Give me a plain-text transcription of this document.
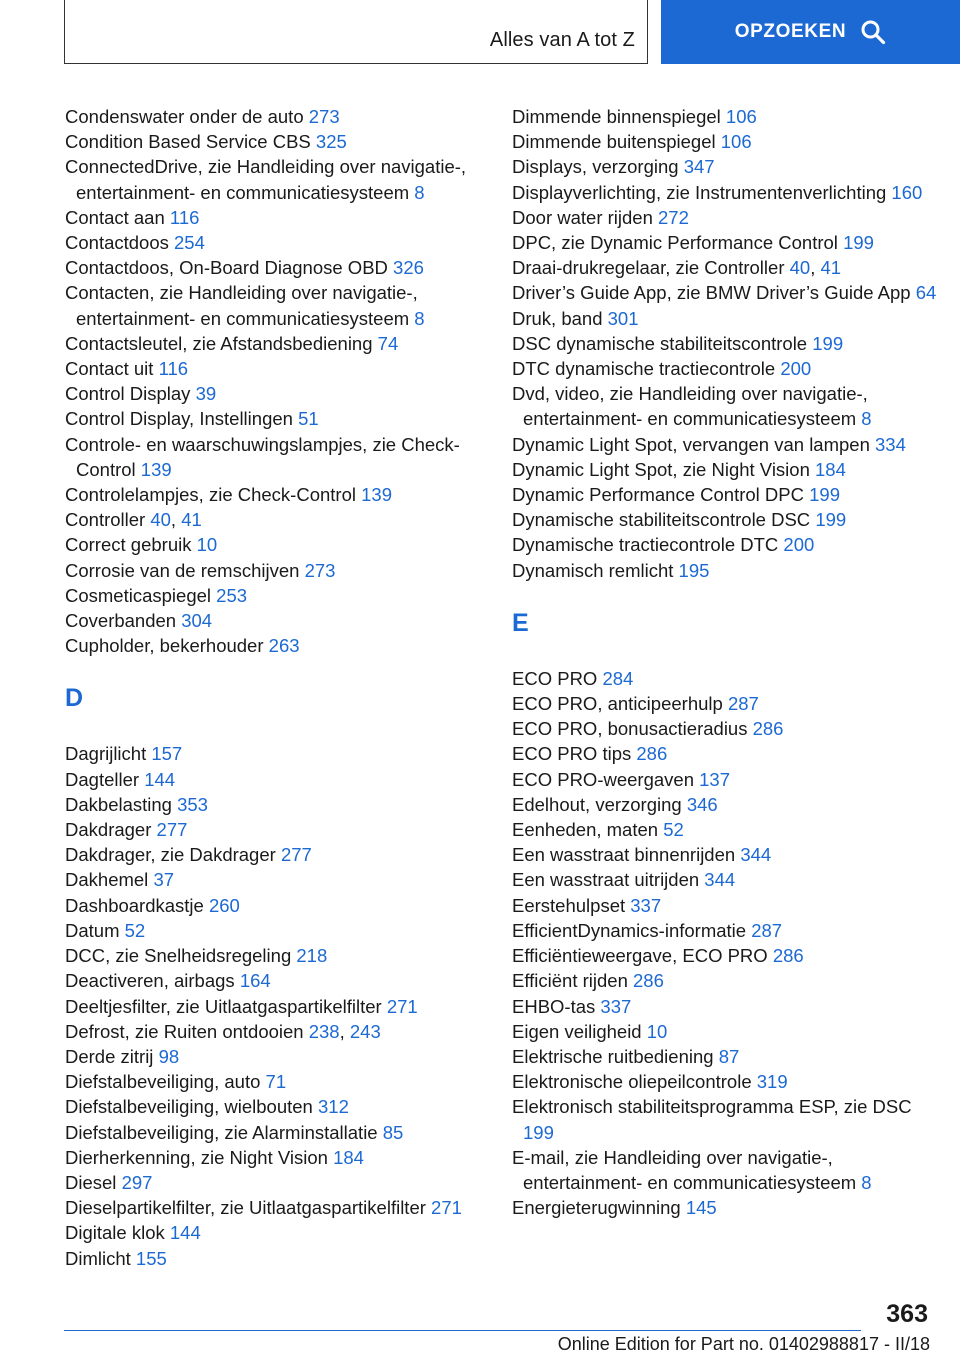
Alles van A tot Z	OPZOEKEN
Condenswater onder de auto 273
Condition Based Service CBS 325
ConnectedDrive, zie Handleiding over navigatie-, entertainment- en communicatiesysteem 8
Contact aan 116
Contactdoos 254
Contactdoos, On-Board Diagnose OBD 326
Contacten, zie Handleiding over navigatie-, entertainment- en communicatiesysteem 8
Contactsleutel, zie Afstandsbediening 74
Contact uit 116
Control Display 39
Control Display, Instellingen 51
Controle- en waarschuwingslampjes, zie Check-Control 139
Controlelampjes, zie Check-Control 139
Controller 40, 41
Correct gebruik 10
Corrosie van de remschijven 273
Cosmeticaspiegel 253
Coverbanden 304
Cupholder, bekerhouder 263
D
Dagrijlicht 157
Dagteller 144
Dakbelasting 353
Dakdrager 277
Dakdrager, zie Dakdrager 277
Dakhemel 37
Dashboardkastje 260
Datum 52
DCC, zie Snelheidsregeling 218
Deactiveren, airbags 164
Deeltjesfilter, zie Uitlaatgaspartikelfilter 271
Defrost, zie Ruiten ontdooien 238, 243
Derde zitrij 98
Diefstalbeveiliging, auto 71
Diefstalbeveiliging, wielbouten 312
Diefstalbeveiliging, zie Alarminstallatie 85
Dierherkenning, zie Night Vision 184
Diesel 297
Dieselpartikelfilter, zie Uitlaatgaspartikelfilter 271
Digitale klok 144
Dimlicht 155
Dimmende binnenspiegel 106
Dimmende buitenspiegel 106
Displays, verzorging 347
Displayverlichting, zie Instrumentenverlichting 160
Door water rijden 272
DPC, zie Dynamic Performance Control 199
Draai-drukregelaar, zie Controller 40, 41
Driver’s Guide App, zie BMW Driver’s Guide App 64
Druk, band 301
DSC dynamische stabiliteitscontrole 199
DTC dynamische tractiecontrole 200
Dvd, video, zie Handleiding over navigatie-, entertainment- en communicatiesysteem 8
Dynamic Light Spot, vervangen van lampen 334
Dynamic Light Spot, zie Night Vision 184
Dynamic Performance Control DPC 199
Dynamische stabiliteitscontrole DSC 199
Dynamische tractiecontrole DTC 200
Dynamisch remlicht 195
E
ECO PRO 284
ECO PRO, anticipeerhulp 287
ECO PRO, bonusactieradius 286
ECO PRO tips 286
ECO PRO-weergaven 137
Edelhout, verzorging 346
Eenheden, maten 52
Een wasstraat binnenrijden 344
Een wasstraat uitrijden 344
Eerstehulpset 337
EfficientDynamics-informatie 287
Efficiëntieweergave, ECO PRO 286
Efficiënt rijden 286
EHBO-tas 337
Eigen veiligheid 10
Elektrische ruitbediening 87
Elektronische oliepeilcontrole 319
Elektronisch stabiliteitsprogramma ESP, zie DSC 199
E-mail, zie Handleiding over navigatie-, entertainment- en communicatiesysteem 8
Energieterugwinning 145
363
Online Edition for Part no. 01402988817 - II/18
